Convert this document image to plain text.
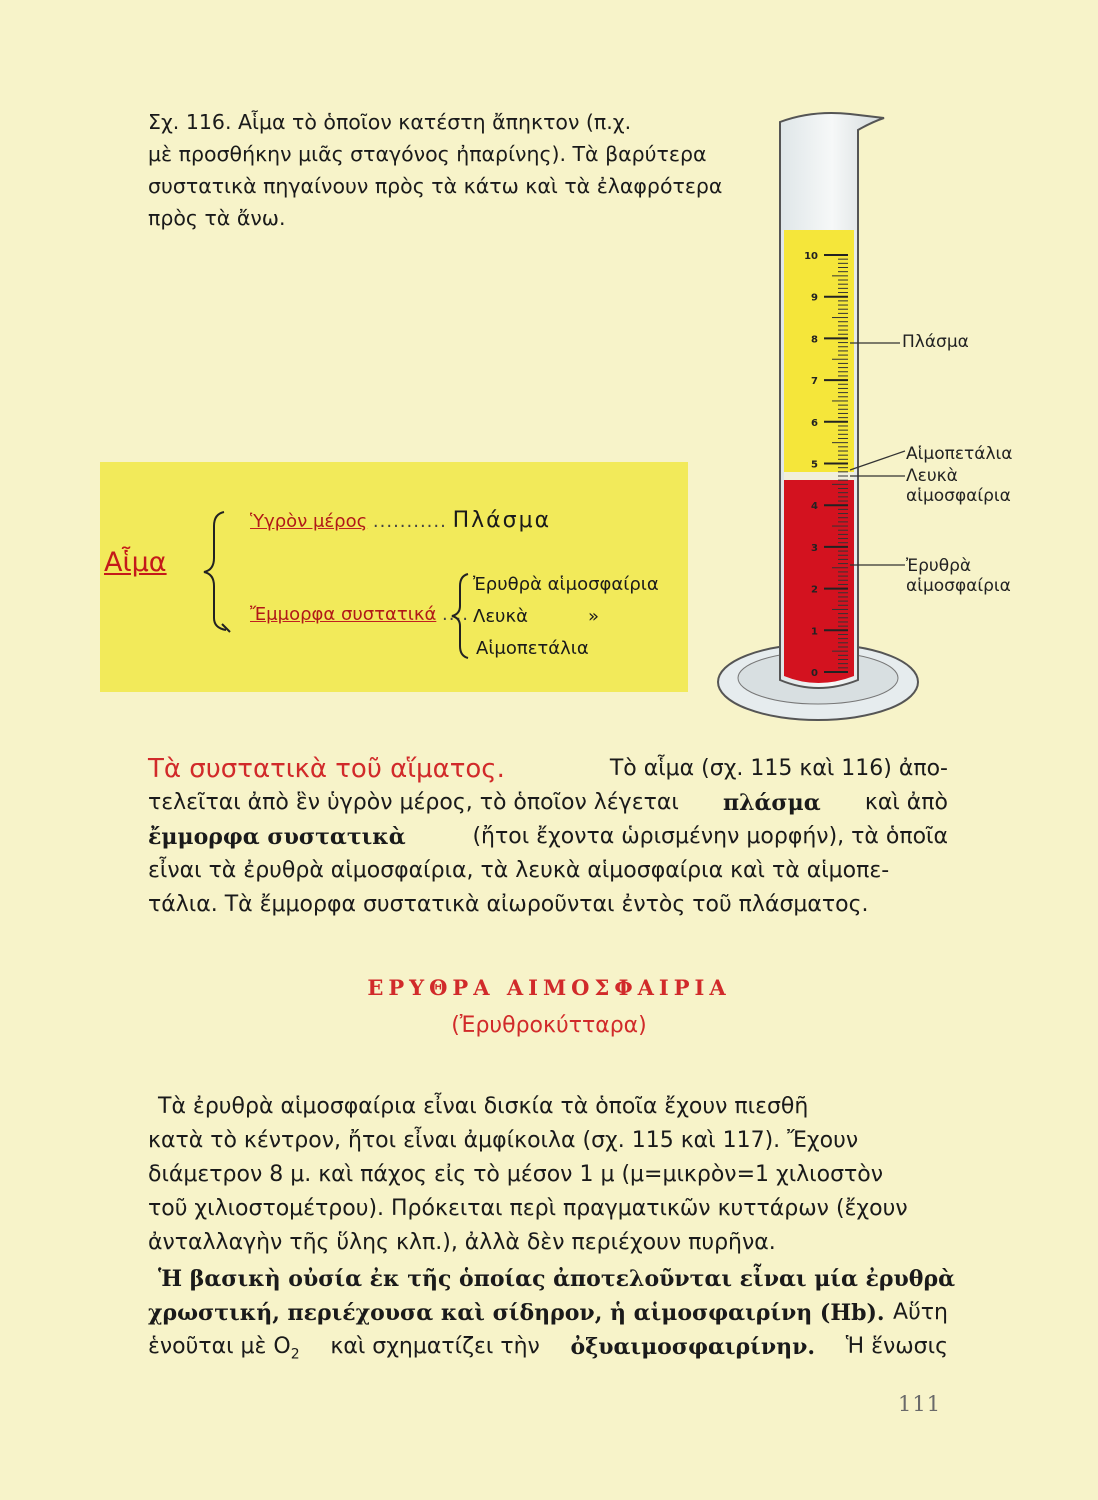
Σχ. 116. Αἷμα τὸ ὁποῖον κατέστη ἄπηκτον (π.χ.

μὲ προσθήκην μιᾶς σταγόνος ἠπαρίνης). Τὰ βαρύτερα

συστατικὰ πηγαίνουν πρὸς τὰ κάτω καὶ τὰ ἐλαφρότερα

πρὸς τὰ ἄνω.

Αἷμα
Ὑγρὸν μέρος ........... Πλάσμα
Ἔμμορφα συστατικά ....
Ἐρυθρὰ αἱμοσφαίρια
Λευκὰ	»
Αἱμοπετάλια
10
9
8
7
6
5
4
3
2
1
0
Πλάσμα
Αἱμοπετάλια
Λευκὰ
αἱμοσφαίρια
Ἐρυθρὰ
αἱμοσφαίρια
Τὰ συστατικὰ τοῦ αἵματος.	Τὸ αἷμα (σχ. 115 καὶ 116) ἀπο-
τελεῖται ἀπὸ ἓν ὑγρὸν μέρος, τὸ ὁποῖον λέγεται πλάσμα καὶ ἀπὸ
ἔμμορφα συστατικὰ	(ἤτοι ἔχοντα ὡρισμένην μορφήν), τὰ ὁποῖα
εἶναι τὰ ἐρυθρὰ αἱμοσφαίρια, τὰ λευκὰ αἱμοσφαίρια καὶ τὰ αἱμοπε-
τάλια. Τὰ ἔμμορφα συστατικὰ αἰωροῦνται ἐντὸς τοῦ πλάσματος.
ΕΡΥΘΡΑ ΑΙΜΟΣΦΑΙΡΙΑ
(Ἐρυθροκύτταρα)
Τὰ ἐρυθρὰ αἱμοσφαίρια εἶναι δισκία τὰ ὁποῖα ἔχουν πιεσθῆ
κατὰ τὸ κέντρον, ἤτοι εἶναι ἀμφίκοιλα (σχ. 115 καὶ 117). Ἔχουν
διάμετρον 8 μ. καὶ πάχος εἰς τὸ μέσον 1 μ (μ=μικρὸν=1 χιλιοστὸν
τοῦ χιλιοστομέτρου). Πρόκειται περὶ πραγματικῶν κυττάρων (ἔχουν
ἀνταλλαγὴν τῆς ὕλης κλπ.), ἀλλὰ δὲν περιέχουν πυρῆνα.
Ἡ βασικὴ οὐσία ἐκ τῆς ὁποίας ἀποτελοῦνται εἶναι μία ἐρυθρὰ
χρωστική, περιέχουσα καὶ σίδηρον, ἡ αἱμοσφαιρίνη (Hb). Αὕτη
ἑνοῦται μὲ $O_2$ καὶ σχηματίζει τὴν ὀξυαιμοσφαιρίνην. Ἡ ἕνωσις
111
